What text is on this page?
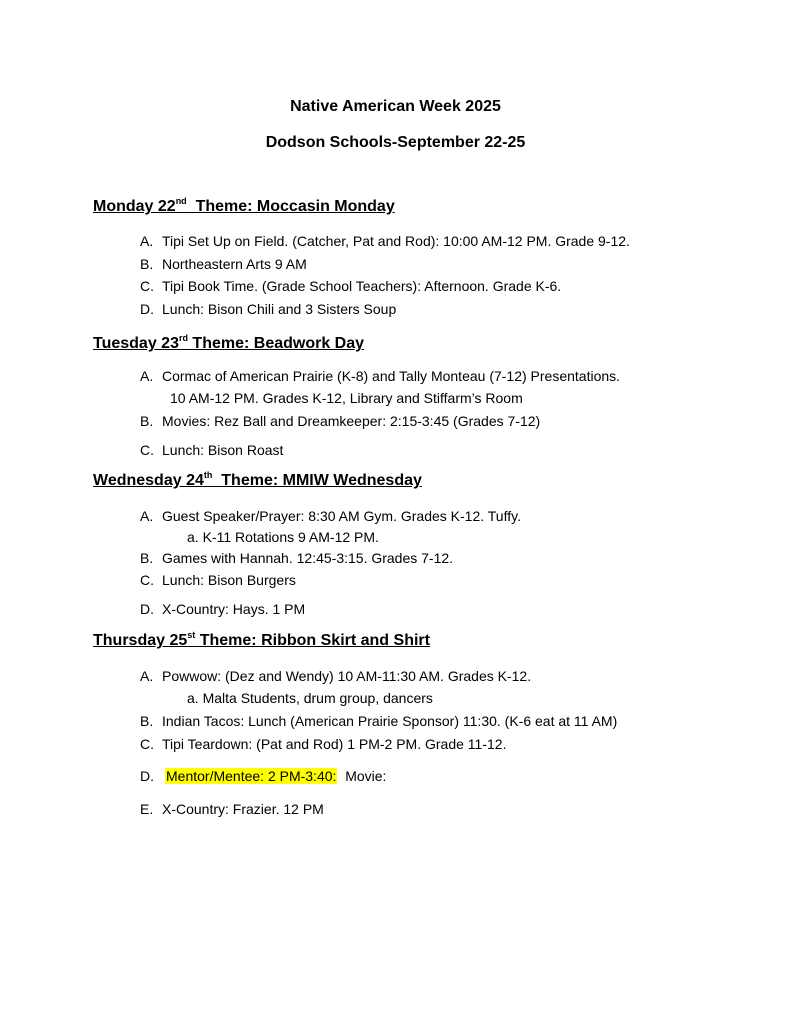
Native American Week 2025
Dodson Schools-September 22-25
Monday 22nd Theme: Moccasin Monday
A. Tipi Set Up on Field. (Catcher, Pat and Rod): 10:00 AM-12 PM. Grade 9-12.
B. Northeastern Arts 9 AM
C. Tipi Book Time. (Grade School Teachers): Afternoon. Grade K-6.
D. Lunch: Bison Chili and 3 Sisters Soup
Tuesday 23rd Theme: Beadwork Day
A. Cormac of American Prairie (K-8) and Tally Monteau (7-12) Presentations.
10 AM-12 PM. Grades K-12, Library and Stiffarm’s Room
B. Movies: Rez Ball and Dreamkeeper: 2:15-3:45 (Grades 7-12)
C. Lunch: Bison Roast
Wednesday 24th Theme: MMIW Wednesday
A. Guest Speaker/Prayer: 8:30 AM Gym. Grades K-12. Tuffy.
a. K-11 Rotations 9 AM-12 PM.
B. Games with Hannah. 12:45-3:15. Grades 7-12.
C. Lunch: Bison Burgers
D. X-Country: Hays. 1 PM
Thursday 25st Theme: Ribbon Skirt and Shirt
A. Powwow: (Dez and Wendy) 10 AM-11:30 AM. Grades K-12.
a. Malta Students, drum group, dancers
B. Indian Tacos: Lunch (American Prairie Sponsor) 11:30. (K-6 eat at 11 AM)
C. Tipi Teardown: (Pat and Rod) 1 PM-2 PM. Grade 11-12.
D. Mentor/Mentee: 2 PM-3:40: Movie:
E. X-Country: Frazier. 12 PM
